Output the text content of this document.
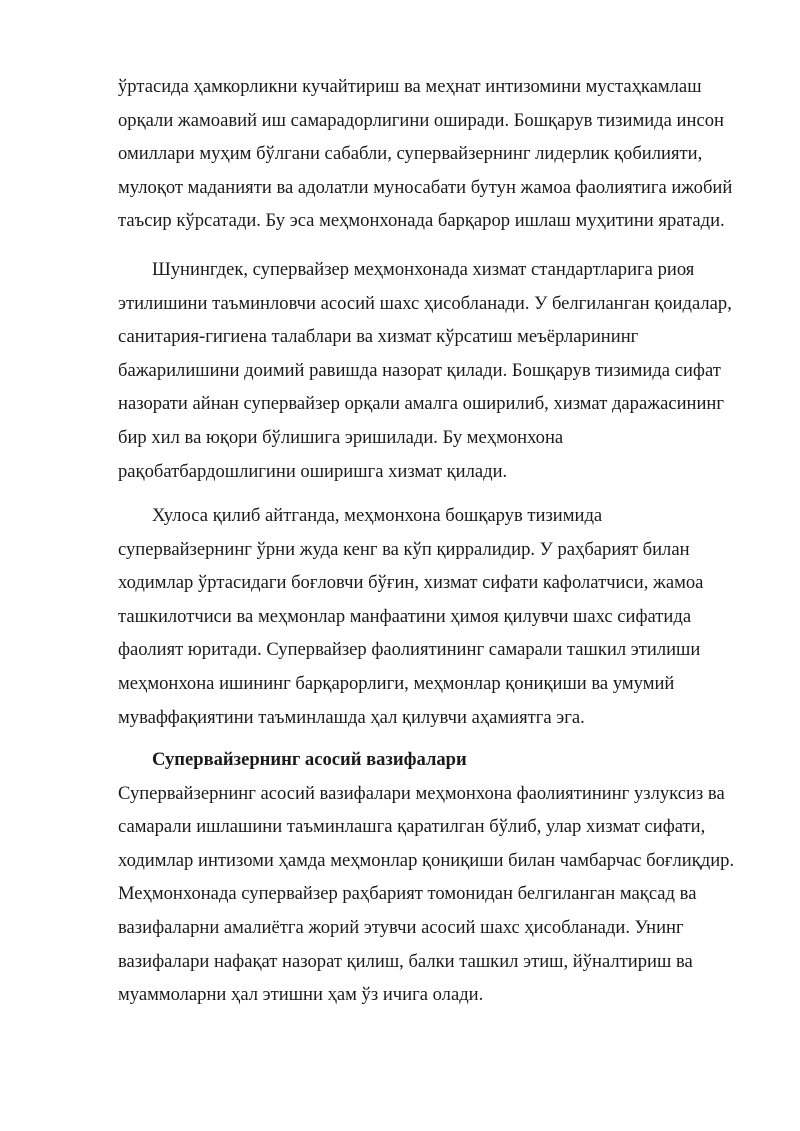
ўртасида ҳамкорликни кучайтириш ва меҳнат интизомини мустаҳкамлаш
орқали жамоавий иш самарадорлигини оширади. Бошқарув тизимида инсон
омиллари муҳим бўлгани сабабли, супервайзернинг лидерлик қобилияти,
мулоқот маданияти ва адолатли муносабати бутун жамоа фаолиятига ижобий
таъсир кўрсатади. Бу эса меҳмонхонада барқарор ишлаш муҳитини яратади.
Шунингдек, супервайзер меҳмонхонада хизмат стандартларига риоя
этилишини таъминловчи асосий шахс ҳисобланади. У белгиланган қоидалар,
санитария-гигиена талаблари ва хизмат кўрсатиш меъёрларининг
бажарилишини доимий равишда назорат қилади. Бошқарув тизимида сифат
назорати айнан супервайзер орқали амалга оширилиб, хизмат даражасининг
бир хил ва юқори бўлишига эришилади. Бу меҳмонхона
рақобатбардошлигини оширишга хизмат қилади.
Хулоса қилиб айтганда, меҳмонхона бошқарув тизимида
супервайзернинг ўрни жуда кенг ва кўп қирралидир. У раҳбарият билан
ходимлар ўртасидаги боғловчи бўғин, хизмат сифати кафолатчиси, жамоа
ташкилотчиси ва меҳмонлар манфаатини ҳимоя қилувчи шахс сифатида
фаолият юритади. Супервайзер фаолиятининг самарали ташкил этилиши
меҳмонхона ишининг барқарорлиги, меҳмонлар қониқиши ва умумий
муваффақиятини таъминлашда ҳал қилувчи аҳамиятга эга.
Супервайзернинг асосий вазифалари
Супервайзернинг асосий вазифалари меҳмонхона фаолиятининг узлуксиз ва
самарали ишлашини таъминлашга қаратилган бўлиб, улар хизмат сифати,
ходимлар интизоми ҳамда меҳмонлар қониқиши билан чамбарчас боғлиқдир.
Меҳмонхонада супервайзер раҳбарият томонидан белгиланган мақсад ва
вазифаларни амалиётга жорий этувчи асосий шахс ҳисобланади. Унинг
вазифалари нафақат назорат қилиш, балки ташкил этиш, йўналтириш ва
муаммоларни ҳал этишни ҳам ўз ичига олади.
